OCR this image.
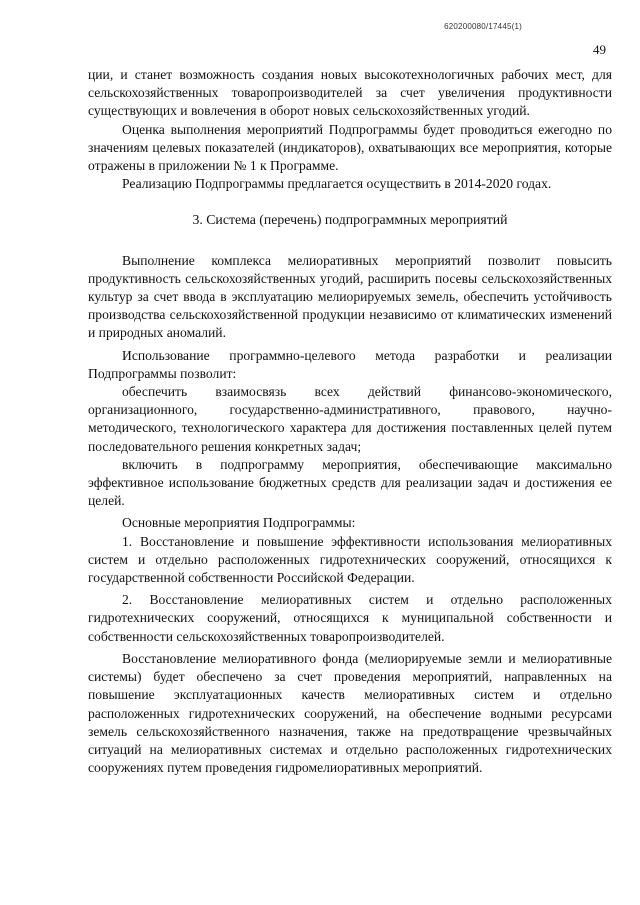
620200080/17445(1)
49

ции, и станет возможность создания новых высокотехнологичных рабочих мест, для сельскохозяйственных товаропроизводителей за счет увеличения продуктивности существующих и вовлечения в оборот новых сельскохозяйственных угодий.

Оценка выполнения мероприятий Подпрограммы будет проводиться ежегодно по значениям целевых показателей (индикаторов), охватывающих все мероприятия, которые отражены в приложении № 1 к Программе.

Реализацию Подпрограммы предлагается осуществить в 2014-2020 годах.

3. Система (перечень) подпрограммных мероприятий

Выполнение комплекса мелиоративных мероприятий позволит повысить продуктивность сельскохозяйственных угодий, расширить посевы сельскохозяйственных культур за счет ввода в эксплуатацию мелиорируемых земель, обеспечить устойчивость производства сельскохозяйственной продукции независимо от климатических изменений и природных аномалий.

Использование программно-целевого метода разработки и реализации Подпрограммы позволит:

обеспечить взаимосвязь всех действий финансово-экономического, организационного, государственно-административного, правового, научно-методического, технологического характера для достижения поставленных целей путем последовательного решения конкретных задач;

включить в подпрограмму мероприятия, обеспечивающие максимально эффективное использование бюджетных средств для реализации задач и достижения ее целей.

Основные мероприятия Подпрограммы:

1. Восстановление и повышение эффективности использования мелиоративных систем и отдельно расположенных гидротехнических сооружений, относящихся к государственной собственности Российской Федерации.

2. Восстановление мелиоративных систем и отдельно расположенных гидротехнических сооружений, относящихся к муниципальной собственности и собственности сельскохозяйственных товаропроизводителей.

Восстановление мелиоративного фонда (мелиорируемые земли и мелиоративные системы) будет обеспечено за счет проведения мероприятий, направленных на повышение эксплуатационных качеств мелиоративных систем и отдельно расположенных гидротехнических сооружений, на обеспечение водными ресурсами земель сельскохозяйственного назначения, также на предотвращение чрезвычайных ситуаций на мелиоративных системах и отдельно расположенных гидротехнических сооружениях путем проведения гидромелиоративных мероприятий.
